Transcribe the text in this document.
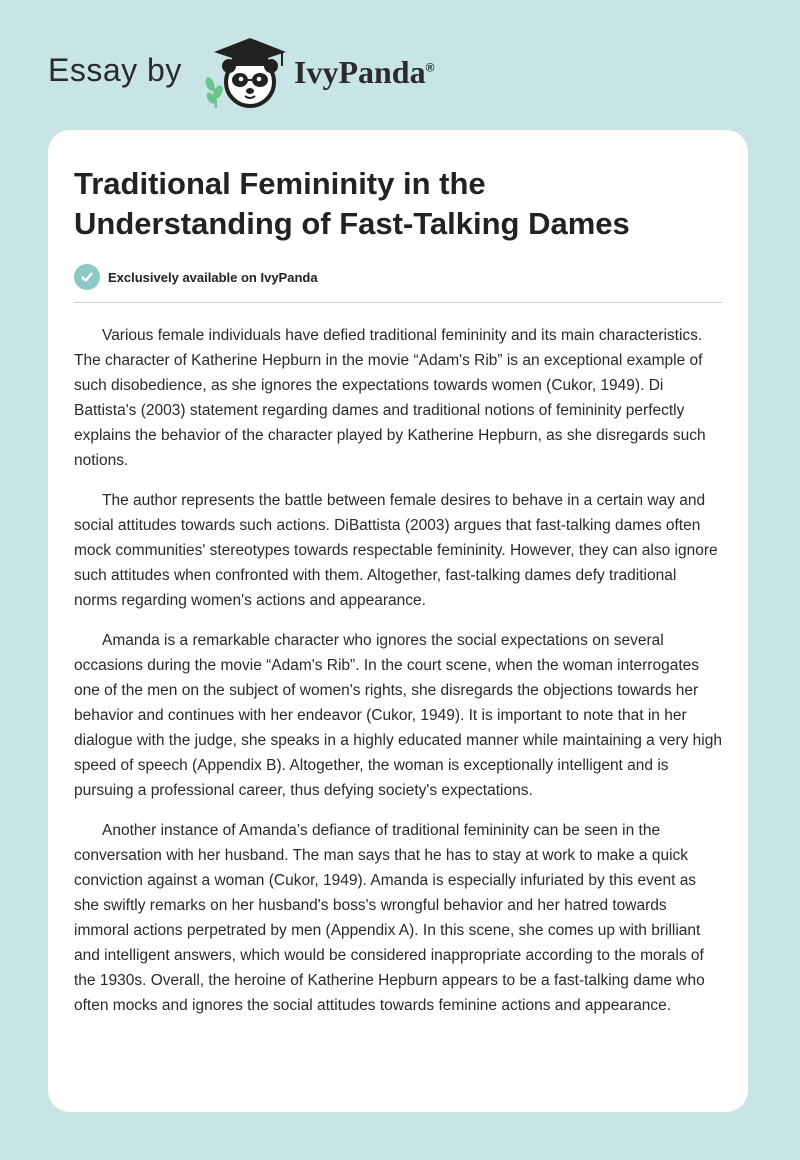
Essay by	IvyPanda®
Traditional Femininity in the
Understanding of Fast-Talking Dames
Exclusively available on IvyPanda

Various female individuals have defied traditional femininity and its main characteristics. The character of Katherine Hepburn in the movie “Adam's Rib” is an exceptional example of such disobedience, as she ignores the expectations towards women (Cukor, 1949). Di Battista's (2003) statement regarding dames and traditional notions of femininity perfectly explains the behavior of the character played by Katherine Hepburn, as she disregards such notions.

The author represents the battle between female desires to behave in a certain way and social attitudes towards such actions. DiBattista (2003) argues that fast-talking dames often mock communities' stereotypes towards respectable femininity. However, they can also ignore such attitudes when confronted with them. Altogether, fast-talking dames defy traditional norms regarding women's actions and appearance.

Amanda is a remarkable character who ignores the social expectations on several occasions during the movie “Adam's Rib”. In the court scene, when the woman interrogates one of the men on the subject of women's rights, she disregards the objections towards her behavior and continues with her endeavor (Cukor, 1949). It is important to note that in her dialogue with the judge, she speaks in a highly educated manner while maintaining a very high speed of speech (Appendix B). Altogether, the woman is exceptionally intelligent and is pursuing a professional career, thus defying society's expectations.

Another instance of Amanda’s defiance of traditional femininity can be seen in the conversation with her husband. The man says that he has to stay at work to make a quick conviction against a woman (Cukor, 1949). Amanda is especially infuriated by this event as she swiftly remarks on her husband's boss's wrongful behavior and her hatred towards immoral actions perpetrated by men (Appendix A). In this scene, she comes up with brilliant and intelligent answers, which would be considered inappropriate according to the morals of the 1930s. Overall, the heroine of Katherine Hepburn appears to be a fast-talking dame who often mocks and ignores the social attitudes towards feminine actions and appearance.
